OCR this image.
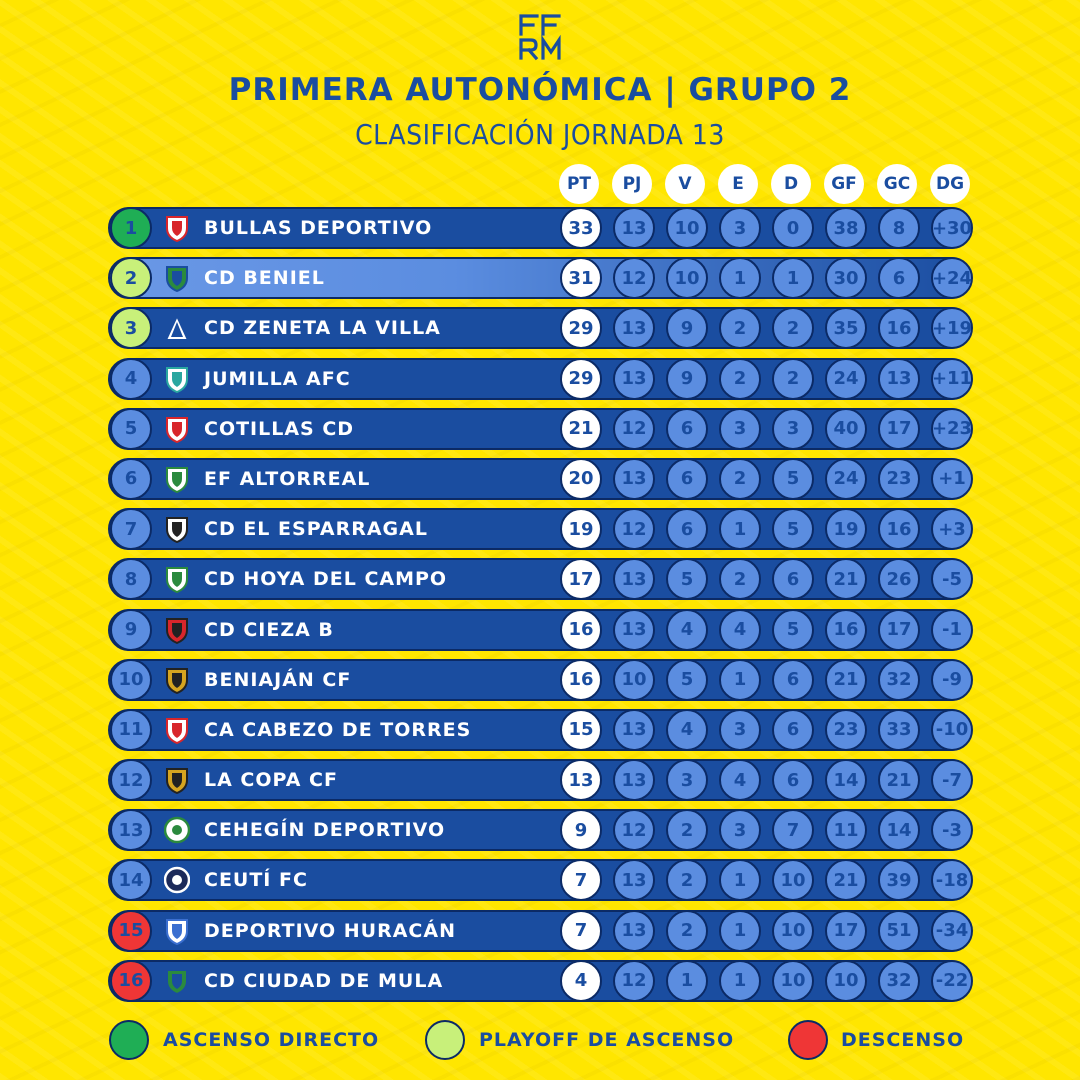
PRIMERA AUTONÓMICA | GRUPO 2
CLASIFICACIÓN JORNADA 13
PT	PJ	V	E	D	GF	GC	DG
1	BULLAS DEPORTIVO	33	13	10	3	0	38	8	+30
2	CD BENIEL	31	12	10	1	1	30	6	+24
3	CD ZENETA LA VILLA	29	13	9	2	2	35	16	+19
4	JUMILLA AFC	29	13	9	2	2	24	13	+11
5	COTILLAS CD	21	12	6	3	3	40	17	+23
6	EF ALTORREAL	20	13	6	2	5	24	23	+1
7	CD EL ESPARRAGAL	19	12	6	1	5	19	16	+3
8	CD HOYA DEL CAMPO	17	13	5	2	6	21	26	-5
9	CD CIEZA B	16	13	4	4	5	16	17	-1
10	BENIAJÁN CF	16	10	5	1	6	21	32	-9
11	CA CABEZO DE TORRES	15	13	4	3	6	23	33	-10
12	LA COPA CF	13	13	3	4	6	14	21	-7
13	CEHEGÍN DEPORTIVO	9	12	2	3	7	11	14	-3
14	CEUTÍ FC	7	13	2	1	10	21	39	-18
15	DEPORTIVO HURACÁN	7	13	2	1	10	17	51	-34
16	CD CIUDAD DE MULA	4	12	1	1	10	10	32	-22
ASCENSO DIRECTO	PLAYOFF DE ASCENSO	DESCENSO
